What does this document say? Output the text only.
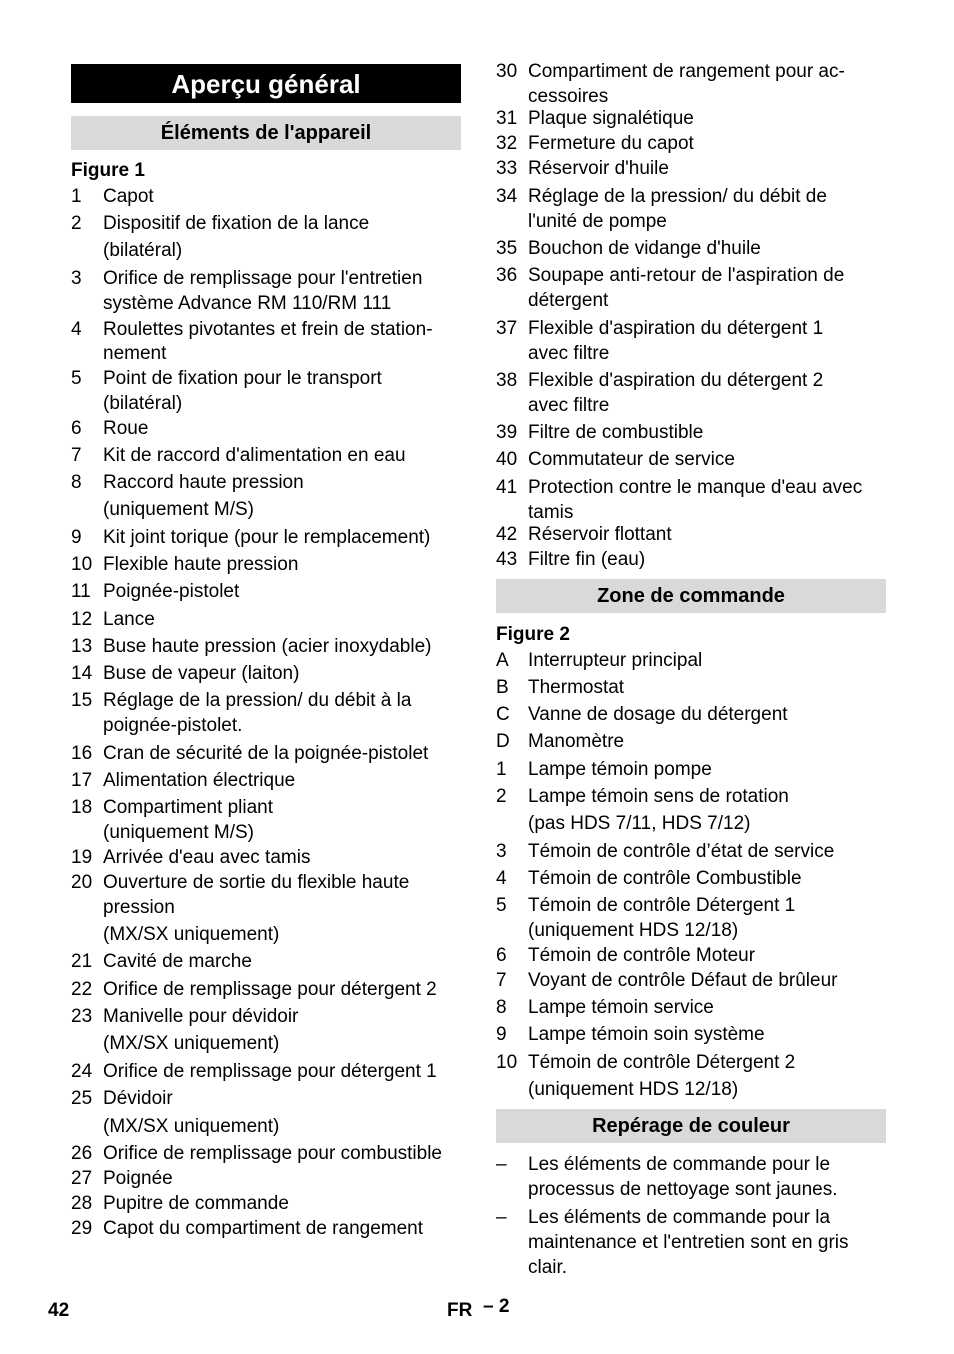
Aperçu général
Éléments de l'appareil
Figure 1
1 Capot
2 Dispositif de fixation de la lance
(bilatéral)
3 Orifice de remplissage pour l'entretien
système Advance RM 110/RM 111
4 Roulettes pivotantes et frein de station-
nement
5 Point de fixation pour le transport
(bilatéral)
6 Roue
7 Kit de raccord d'alimentation en eau
8 Raccord haute pression
(uniquement M/S)
9 Kit joint torique (pour le remplacement)
10 Flexible haute pression
11 Poignée-pistolet
12 Lance
13 Buse haute pression (acier inoxydable)
14 Buse de vapeur (laiton)
15 Réglage de la pression/ du débit à la
poignée-pistolet.
16 Cran de sécurité de la poignée-pistolet
17 Alimentation électrique
18 Compartiment pliant
(uniquement M/S)
19 Arrivée d'eau avec tamis
20 Ouverture de sortie du flexible haute
pression
(MX/SX uniquement)
21 Cavité de marche
22 Orifice de remplissage pour détergent 2
23 Manivelle pour dévidoir
(MX/SX uniquement)
24 Orifice de remplissage pour détergent 1
25 Dévidoir
(MX/SX uniquement)
26 Orifice de remplissage pour combustible
27 Poignée
28 Pupitre de commande
29 Capot du compartiment de rangement
30 Compartiment de rangement pour ac-
cessoires
31 Plaque signalétique
32 Fermeture du capot
33 Réservoir d'huile
34 Réglage de la pression/ du débit de
l'unité de pompe
35 Bouchon de vidange d'huile
36 Soupape anti-retour de l'aspiration de
détergent
37 Flexible d'aspiration du détergent 1
avec filtre
38 Flexible d'aspiration du détergent 2
avec filtre
39 Filtre de combustible
40 Commutateur de service
41 Protection contre le manque d'eau avec
tamis
42 Réservoir flottant
43 Filtre fin (eau)
Zone de commande
Figure 2
A Interrupteur principal
B Thermostat
C Vanne de dosage du détergent
D Manomètre
1 Lampe témoin pompe
2 Lampe témoin sens de rotation
(pas HDS 7/11, HDS 7/12)
3 Témoin de contrôle d’état de service
4 Témoin de contrôle Combustible
5 Témoin de contrôle Détergent 1
(uniquement HDS 12/18)
6 Témoin de contrôle Moteur
7 Voyant de contrôle Défaut de brûleur
8 Lampe témoin service
9 Lampe témoin soin système
10 Témoin de contrôle Détergent 2
(uniquement HDS 12/18)
Repérage de couleur
– Les éléments de commande pour le
processus de nettoyage sont jaunes.
– Les éléments de commande pour la
maintenance et l'entretien sont en gris
clair.
42	FR – 2
